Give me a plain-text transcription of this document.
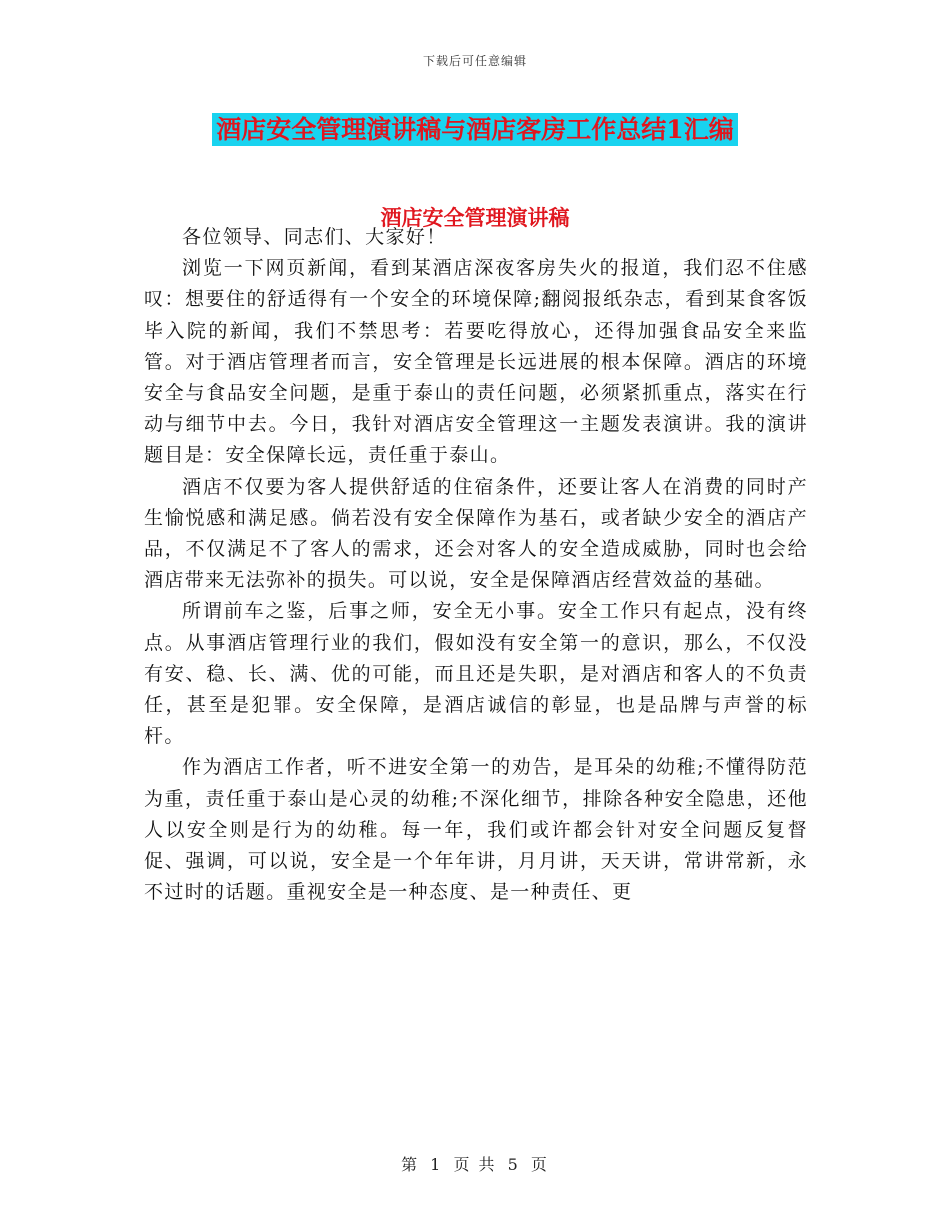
下载后可任意编辑
酒店安全管理演讲稿与酒店客房工作总结1汇编
酒店安全管理演讲稿

各位领导、同志们、大家好！

浏览一下网页新闻，看到某酒店深夜客房失火的报道，我们忍不住感叹：想要住的舒适得有一个安全的环境保障;翻阅报纸杂志，看到某食客饭毕入院的新闻，我们不禁思考：若要吃得放心，还得加强食品安全来监管。对于酒店管理者而言，安全管理是长远进展的根本保障。酒店的环境安全与食品安全问题，是重于泰山的责任问题，必须紧抓重点，落实在行动与细节中去。今日，我针对酒店安全管理这一主题发表演讲。我的演讲题目是：安全保障长远，责任重于泰山。

酒店不仅要为客人提供舒适的住宿条件，还要让客人在消费的同时产生愉悦感和满足感。倘若没有安全保障作为基石，或者缺少安全的酒店产品，不仅满足不了客人的需求，还会对客人的安全造成威胁，同时也会给酒店带来无法弥补的损失。可以说，安全是保障酒店经营效益的基础。

所谓前车之鉴，后事之师，安全无小事。安全工作只有起点，没有终点。从事酒店管理行业的我们，假如没有安全第一的意识，那么，不仅没有安、稳、长、满、优的可能，而且还是失职，是对酒店和客人的不负责任，甚至是犯罪。安全保障，是酒店诚信的彰显，也是品牌与声誉的标杆。

作为酒店工作者，听不进安全第一的劝告，是耳朵的幼稚;不懂得防范为重，责任重于泰山是心灵的幼稚;不深化细节，排除各种安全隐患，还他人以安全则是行为的幼稚。每一年，我们或许都会针对安全问题反复督促、强调，可以说，安全是一个年年讲，月月讲，天天讲，常讲常新，永不过时的话题。重视安全是一种态度、是一种责任、更

第 1 页 共 5 页
